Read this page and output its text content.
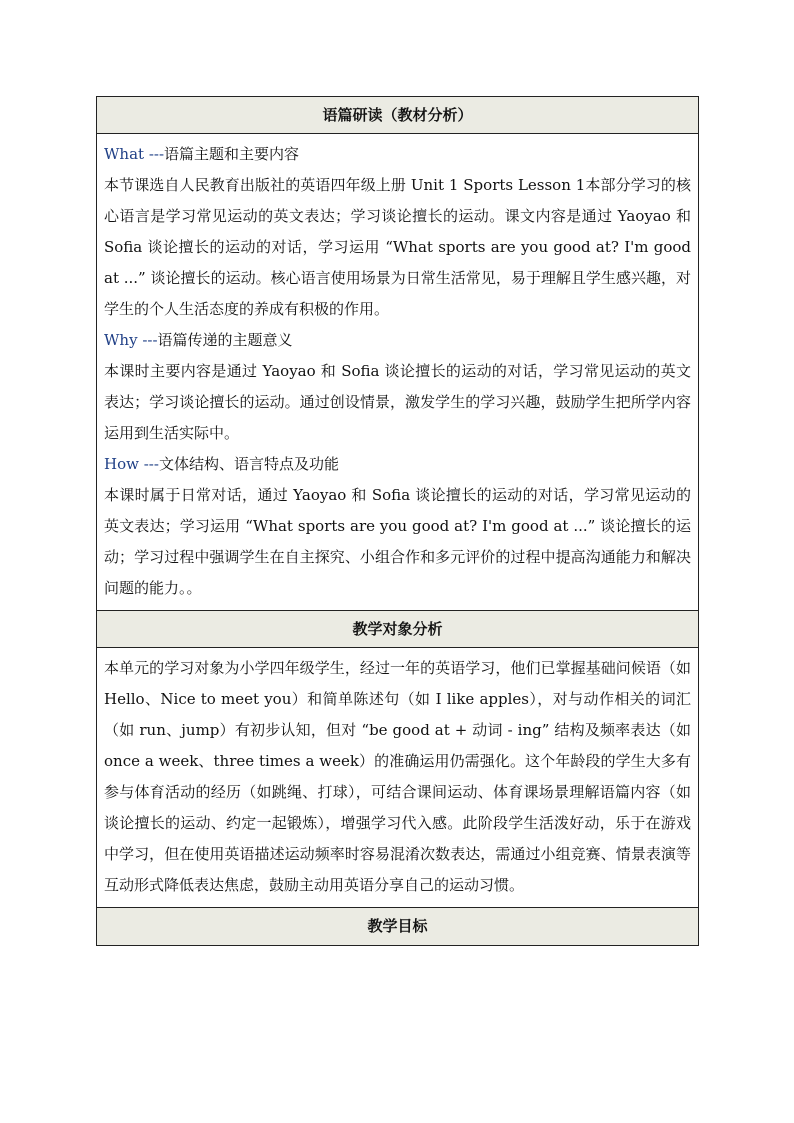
语篇研读（教材分析）

What ---语篇主题和主要内容

本节课选自人民教育出版社的英语四年级上册 Unit 1 Sports Lesson 1本部分学习的核心语言是学习常见运动的英文表达；学习谈论擅长的运动。课文内容是通过 Yaoyao 和 Sofia 谈论擅长的运动的对话，学习运用 “What sports are you good at? I'm good at ...” 谈论擅长的运动。核心语言使用场景为日常生活常见，易于理解且学生感兴趣，对学生的个人生活态度的养成有积极的作用。

Why ---语篇传递的主题意义

本课时主要内容是通过 Yaoyao 和 Sofia 谈论擅长的运动的对话，学习常见运动的英文表达；学习谈论擅长的运动。通过创设情景，激发学生的学习兴趣，鼓励学生把所学内容运用到生活实际中。

How ---文体结构、语言特点及功能

本课时属于日常对话，通过 Yaoyao 和 Sofia 谈论擅长的运动的对话，学习常见运动的英文表达；学习运用 “What sports are you good at? I'm good at ...” 谈论擅长的运动；学习过程中强调学生在自主探究、小组合作和多元评价的过程中提高沟通能力和解决问题的能力。。

教学对象分析

本单元的学习对象为小学四年级学生，经过一年的英语学习，他们已掌握基础问候语（如 Hello、Nice to meet you）和简单陈述句（如 I like apples），对与动作相关的词汇（如 run、jump）有初步认知，但对 “be good at + 动词 - ing” 结构及频率表达（如 once a week、three times a week）的准确运用仍需强化。这个年龄段的学生大多有参与体育活动的经历（如跳绳、打球），可结合课间运动、体育课场景理解语篇内容（如谈论擅长的运动、约定一起锻炼），增强学习代入感。此阶段学生活泼好动，乐于在游戏中学习，但在使用英语描述运动频率时容易混淆次数表达，需通过小组竞赛、情景表演等互动形式降低表达焦虑，鼓励主动用英语分享自己的运动习惯。

教学目标
